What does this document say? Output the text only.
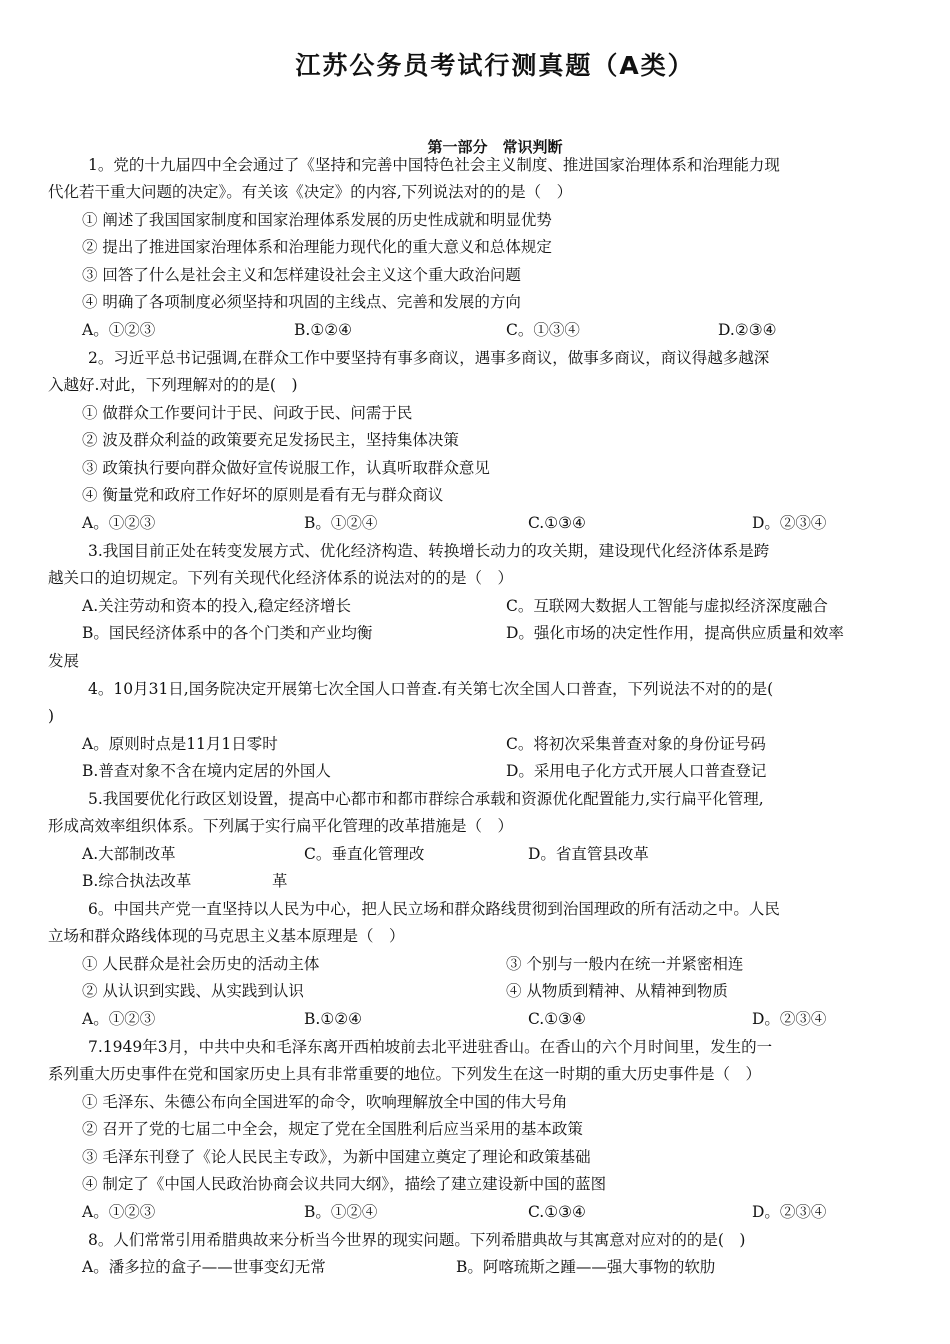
江苏公务员考试行测真题（A类）
第一部分　常识判断
1。党的十九届四中全会通过了《坚持和完善中国特色社会主义制度、推进国家治理体系和治理能力现
代化若干重大问题的决定》。有关该《决定》的内容,下列说法对的的是（　）
① 阐述了我国国家制度和国家治理体系发展的历史性成就和明显优势
② 提出了推进国家治理体系和治理能力现代化的重大意义和总体规定
③ 回答了什么是社会主义和怎样建设社会主义这个重大政治问题
④ 明确了各项制度必须坚持和巩固的主线点、完善和发展的方向
A。①②③	B.①②④	C。①③④	D.②③④
2。习近平总书记强调,在群众工作中要坚持有事多商议，遇事多商议，做事多商议，商议得越多越深
入越好.对此，下列理解对的的是(　)
① 做群众工作要问计于民、问政于民、问需于民
② 波及群众利益的政策要充足发扬民主，坚持集体决策
③ 政策执行要向群众做好宣传说服工作，认真听取群众意见
④ 衡量党和政府工作好坏的原则是看有无与群众商议
A。①②③	B。①②④	C.①③④	D。②③④
3.我国目前正处在转变发展方式、优化经济构造、转换增长动力的攻关期，建设现代化经济体系是跨
越关口的迫切规定。下列有关现代化经济体系的说法对的的是（　）
A.关注劳动和资本的投入,稳定经济增长	C。互联网大数据人工智能与虚拟经济深度融合
B。国民经济体系中的各个门类和产业均衡	D。强化市场的决定性作用，提高供应质量和效率
发展
4。10月31日,国务院决定开展第七次全国人口普查.有关第七次全国人口普查，下列说法不对的的是(
)
A。原则时点是11月1日零时	C。将初次采集普查对象的身份证号码
B.普查对象不含在境内定居的外国人	D。采用电子化方式开展人口普查登记
5.我国要优化行政区划设置，提高中心都市和都市群综合承载和资源优化配置能力,实行扁平化管理,
形成高效率组织体系。下列属于实行扁平化管理的改革措施是（　）
A.大部制改革	C。垂直化管理改	D。省直管县改革
B.综合执法改革	革
6。中国共产党一直坚持以人民为中心，把人民立场和群众路线贯彻到治国理政的所有活动之中。人民
立场和群众路线体现的马克思主义基本原理是（　）
① 人民群众是社会历史的活动主体	③ 个别与一般内在统一并紧密相连
② 从认识到实践、从实践到认识	④ 从物质到精神、从精神到物质
A。①②③	B.①②④	C.①③④	D。②③④
7.1949年3月，中共中央和毛泽东离开西柏坡前去北平进驻香山。在香山的六个月时间里，发生的一
系列重大历史事件在党和国家历史上具有非常重要的地位。下列发生在这一时期的重大历史事件是（　）
① 毛泽东、朱德公布向全国进军的命令，吹响理解放全中国的伟大号角
② 召开了党的七届二中全会，规定了党在全国胜利后应当采用的基本政策
③ 毛泽东刊登了《论人民民主专政》，为新中国建立奠定了理论和政策基础
④ 制定了《中国人民政治协商会议共同大纲》，描绘了建立建设新中国的蓝图
A。①②③	B。①②④	C.①③④	D。②③④
8。人们常常引用希腊典故来分析当今世界的现实问题。下列希腊典故与其寓意对应对的的是(　)
A。潘多拉的盒子——世事变幻无常	B。阿喀琉斯之踵——强大事物的软肋
